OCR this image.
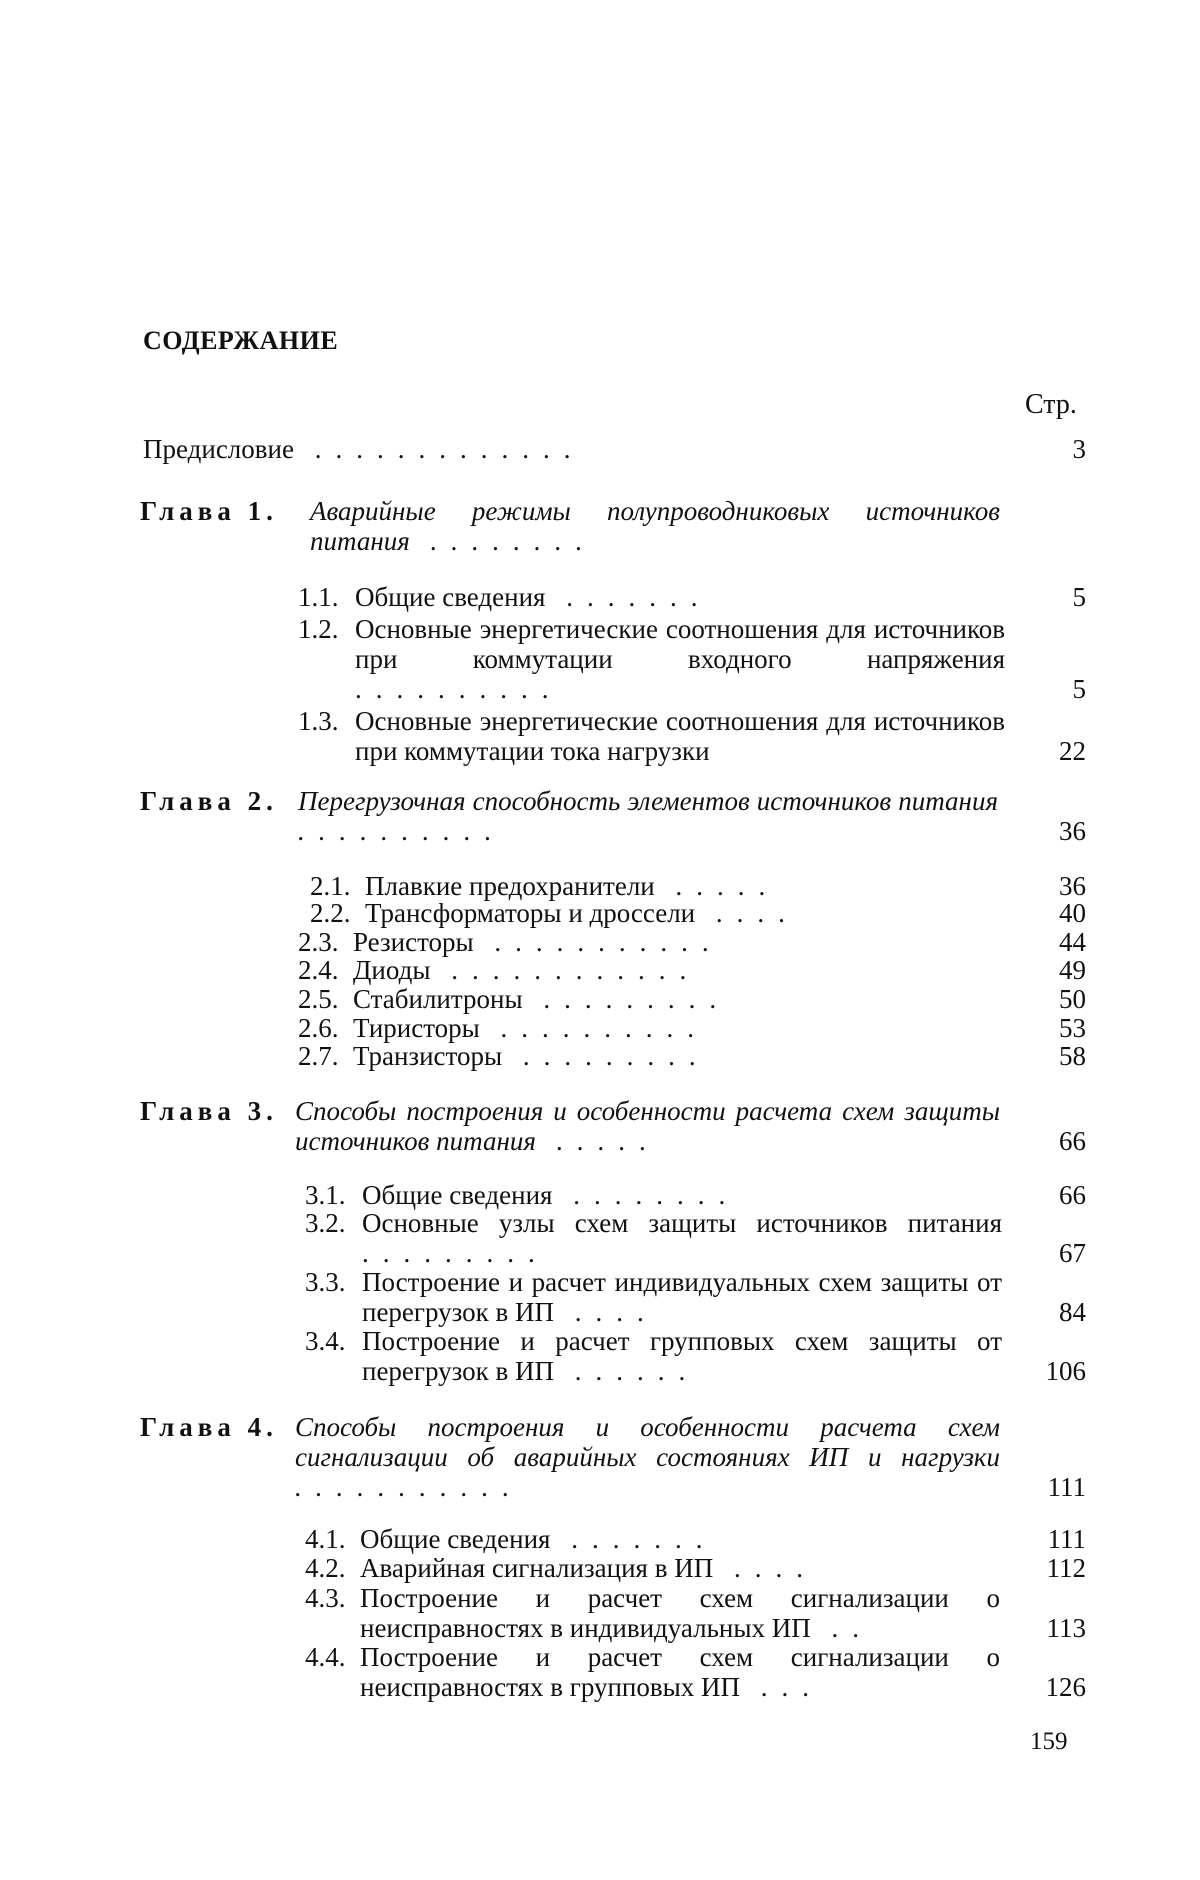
СОДЕРЖАНИЕ
Стр.
Предисловие .............	3
Глава 1. Аварийные режимы полупроводниковых источников питания ........
1.1. Общие сведения .......	5
1.2. Основные энергетические соотношения для источников при коммутации входного напряжения ..........	5
1.3. Основные энергетические соотношения для источников при коммутации тока нагрузки	22
Глава 2. Перегрузочная способность элементов источников питания ..........	36
2.1. Плавкие предохранители .....	36
2.2. Трансформаторы и дроссели ....	40
2.3. Резисторы ...........	44
2.4. Диоды ............	49
2.5. Стабилитроны .........	50
2.6. Тиристоры ..........	53
2.7. Транзисторы .........	58
Глава 3. Способы построения и особенности расчета схем защиты источников питания .....	66
3.1. Общие сведения ........	66
3.2. Основные узлы схем защиты источников питания .........	67
3.3. Построение и расчет индивидуальных схем защиты от перегрузок в ИП ....	84
3.4. Построение и расчет групповых схем защиты от перегрузок в ИП ......	106
Глава 4. Способы построения и особенности расчета схем сигнализации об аварийных состояниях ИП и нагрузки ...........	111
4.1. Общие сведения .......	111
4.2. Аварийная сигнализация в ИП ....	112
4.3. Построение и расчет схем сигнализации о неисправностях в индивидуальных ИП ..	113
4.4. Построение и расчет схем сигнализации о неисправностях в групповых ИП ...	126
159
